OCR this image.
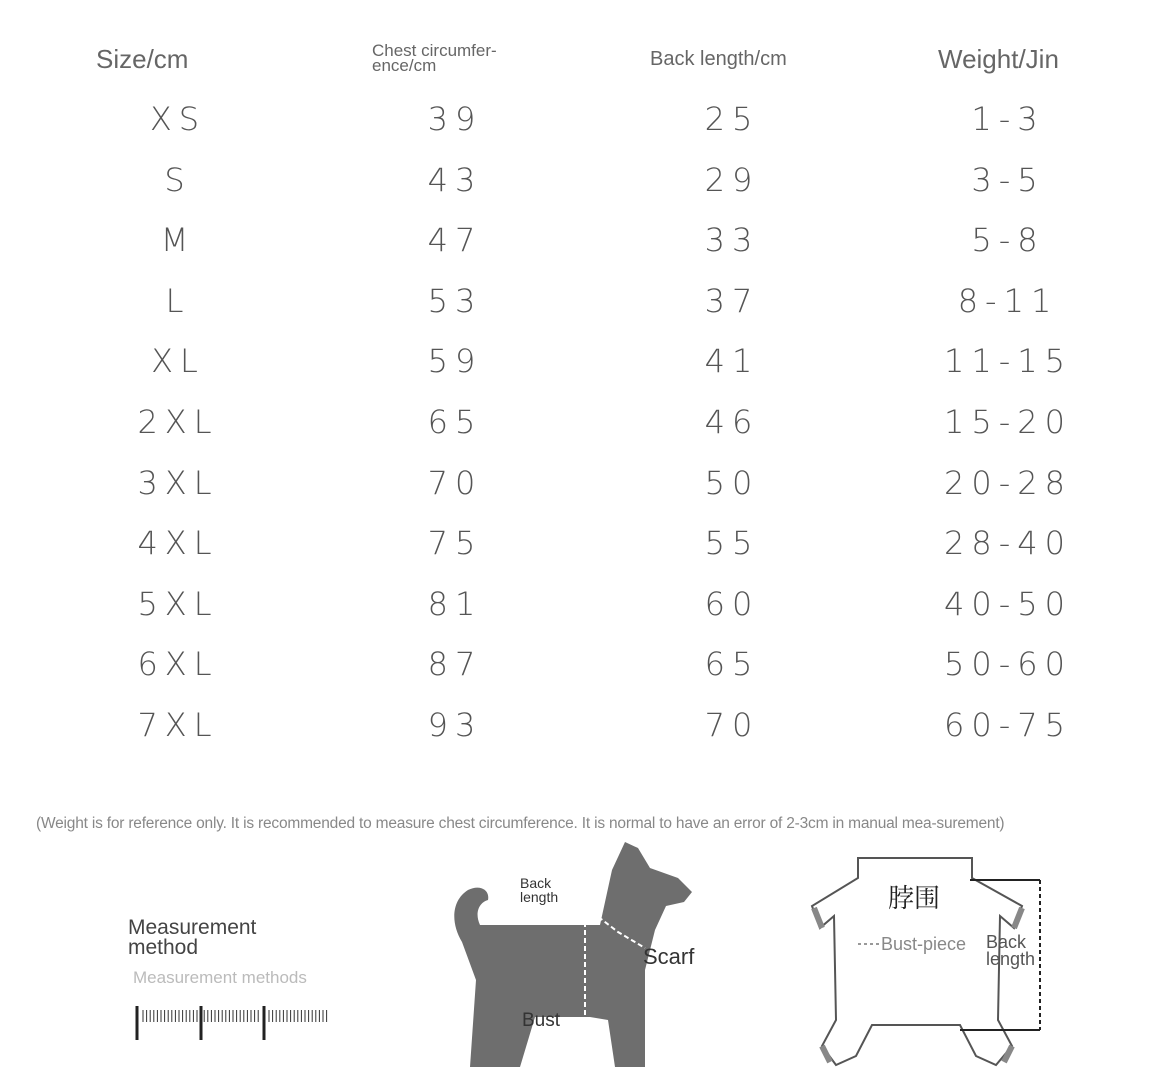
Size/cm	Chest circumfer-
ence/cm	Back length/cm	Weight/Jin
XS	39	25	1-3
S	43	29	3-5
M	47	33	5-8
L	53	37	8-11
XL	59	41	11-15
2XL	65	46	15-20
3XL	70	50	20-28
4XL	75	55	28-40
5XL	81	60	40-50
6XL	87	65	50-60
7XL	93	70	60-75
(Weight is for reference only. It is recommended to measure chest circumference. It is normal to have an error of 2-3cm in manual mea-surement)
Measurement method
Measurement methods
Back
length
Scarf
Bust
脖围
Bust-piece Back
length
